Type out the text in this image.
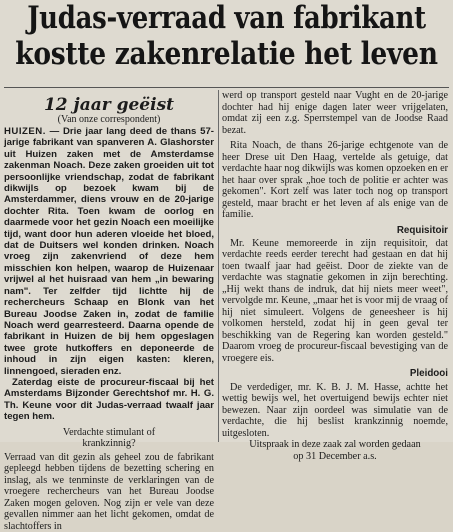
Judas-verraad van fabrikant
kostte zakenrelatie het leven
12 jaar geëist
(Van onze correspondent)
HUIZEN. — Drie jaar lang deed de thans 57-jarige fabrikant van spanveren A. Glashorster uit Huizen zaken met de Amsterdamse zakenman Noach. Deze zaken groeiden uit tot persoonlijke vriendschap, zodat de fabrikant dikwijls op bezoek kwam bij de Amsterdammer, diens vrouw en de 20-jarige dochter Rita. Toen kwam de oorlog en daarmede voor het gezin Noach een moeilijke tijd, want door hun aderen vloeide het bloed, dat de Duitsers wel konden drinken. Noach vroeg zijn zakenvriend of deze hem misschien kon helpen, waarop de Huizenaar vrijwel al het huisraad van hem „in bewaring nam". Ter zelfder tijd lichtte hij de rechercheurs Schaap en Blonk van het Bureau Joodse Zaken in, zodat de familie Noach werd gearresteerd. Daarna opende de fabrikant in Huizen de bij hem opgeslagen twee grote hutkoffers en deponeerde de inhoud in zijn eigen kasten: kleren, linnengoed, sieraden enz.
Zaterdag eiste de procureur-fiscaal bij het Amsterdams Bijzonder Gerechtshof mr. H. G. Th. Keune voor dit Judas-verraad twaalf jaar tegen hem.
Verdachte stimulant of
krankzinnig?
Verraad van dit gezin als geheel zou de fabrikant gepleegd hebben tijdens de bezetting schering en inslag, als we tenminste de verklaringen van de vroegere rechercheurs van het Bureau Joodse Zaken mogen geloven. Nog zijn er vele van deze gevallen nimmer aan het licht gekomen, omdat de slachtoffers in
werd op transport gesteld naar Vught en de 20-jarige dochter had hij enige dagen later weer vrijgelaten, omdat zij een z.g. Sperrstempel van de Joodse Raad bezat.
Rita Noach, de thans 26-jarige echtgenote van de heer Drese uit Den Haag, vertelde als getuige, dat verdachte haar nog dikwijls was komen opzoeken en er het haar over sprak „hoe toch de politie er achter was gekomen". Kort zelf was later toch nog op transport gesteld, maar bracht er het leven af als enige van de familie.
Requisitoir
Mr. Keune memoreerde in zijn requisitoir, dat verdachte reeds eerder terecht had gestaan en dat hij toen twaalf jaar had geëist. Door de ziekte van de verdachte was stagnatie gekomen in zijn berechting. „Hij wekt thans de indruk, dat hij niets meer weet", vervolgde mr. Keune, „maar het is voor mij de vraag of hij niet simuleert. Volgens de geneesheer is hij volkomen hersteld, zodat hij in geen geval ter beschikking van de Regering kan worden gesteld." Daarom vroeg de procureur-fiscaal bevestiging van de vroegere eis.
Pleidooi
De verdediger, mr. K. B. J. M. Hasse, achtte het wettig bewijs wel, het overtuigend bewijs echter niet bewezen. Naar zijn oordeel was simulatie van de verdachte, die hij beslist krankzinnig noemde, uitgesloten.
Uitspraak in deze zaak zal worden gedaan
op 31 December a.s.
